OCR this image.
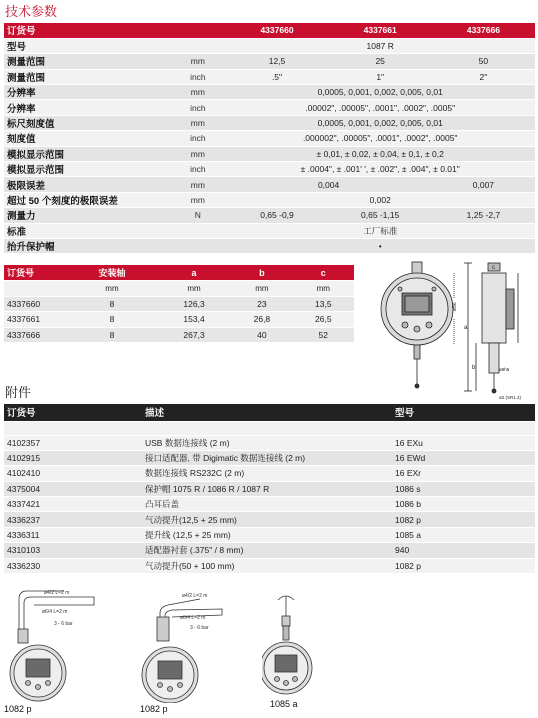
技术参数
订货号		4337660	4337661	4337666
型号		1087 R		
测量范围	mm	12,5	25	50
测量范围	inch	.5"	1"	2"
分辨率	mm	0,0005, 0,001, 0,002, 0,005, 0,01		
分辨率	inch	.00002", .00005", .0001", .0002", .0005"		
标尺刻度值	mm	0,0005, 0,001, 0,002, 0,005, 0,01		
刻度值	inch	.000002", .00005", .0001", .0002", .0005"		
模拟显示范围	mm	± 0,01, ± 0,02, ± 0,04, ± 0,1, ± 0,2		
模拟显示范围	inch	± .0004", ± .001' ', ± .002", ± .004", ± 0.01"		
极限误差	mm	0,004		0,007
超过 50 个刻度的极限误差	mm	0,002		
测量力	N	0,65 -0,9	0,65 -1,15	1,25 -2,7
标准		工厂标准		
抬升保护帽		•		
订货号	安装轴	a	b	c
	mm	mm	mm	mm
4337660	8	126,3	23	13,5
4337661	8	153,4	26,8	26,5
4337666	8	267,3	40	52
ø56
a
b
c
ø8h6
ø2 (SR1.2)
附件
订货号	描述	型号

4102357	USB 数据连接线 (2 m)	16 EXu
4102915	接口适配器, 带 Digimatic 数据连接线 (2 m)	16 EWd
4102410	数据连接线 RS232C (2 m)	16 EXr
4375004	保护帽 1075 R / 1086 R / 1087 R	1086 s
4337421	凸耳后盖	1086 b
4336237	气动提升(12,5 + 25 mm)	1082 p
4336311	提升线 (12,5 + 25 mm)	1085 a
4310103	适配器衬套 (.375" / 8 mm)	940
4336230	气动提升(50 + 100 mm)	1082 p
ø4/2 L=2 m
ø6/4 L=2 m
3 - 6 bar
1082 p
ø4/2 L=2 m
ø6/4 L=2 m
3 - 6 bar
1082 p	1085 a
